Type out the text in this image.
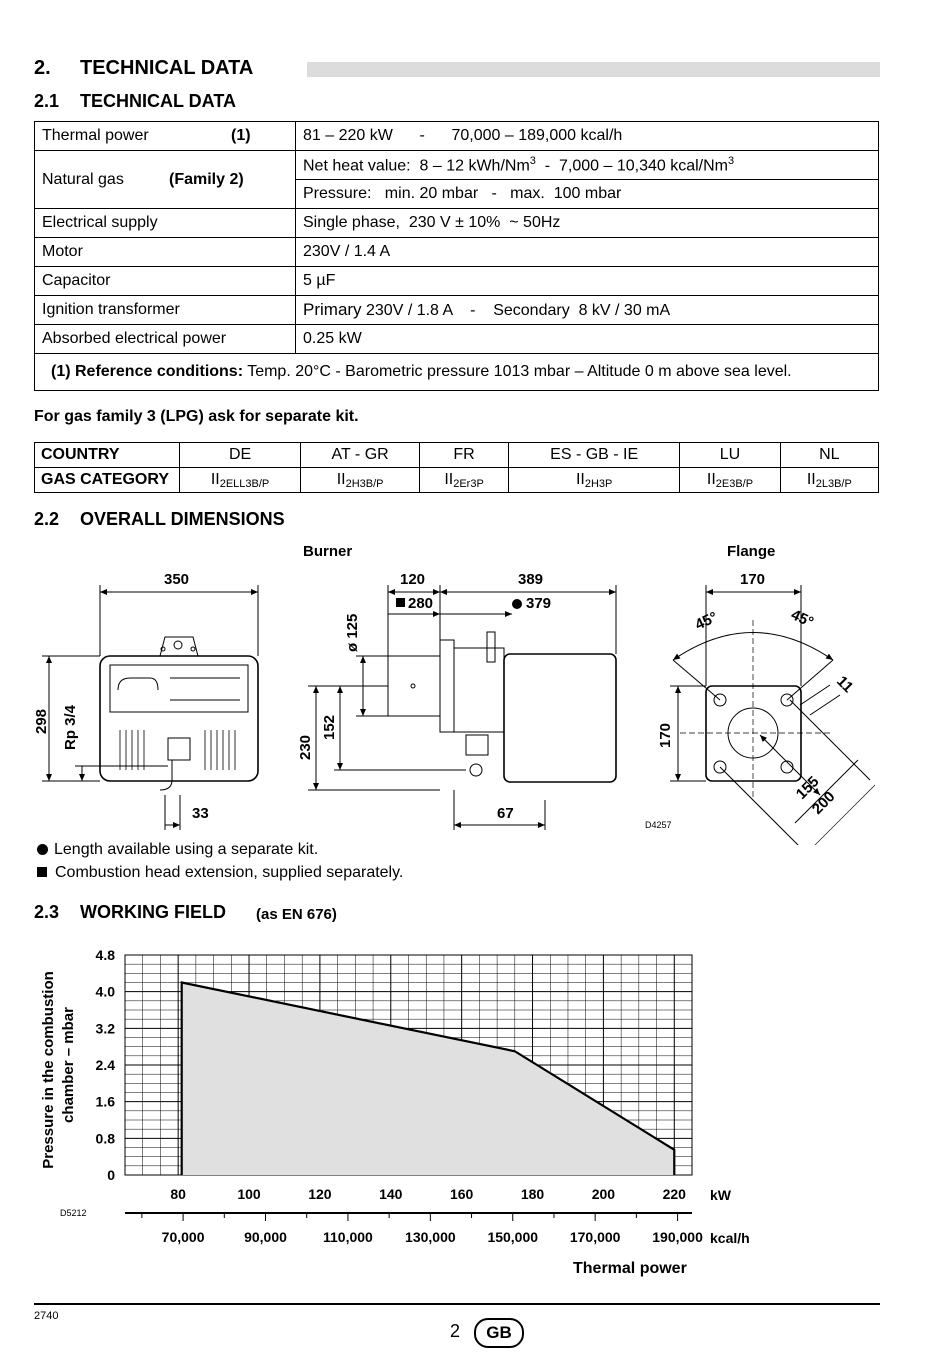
2. TECHNICAL DATA
2.1 TECHNICAL DATA
Thermal power (1)	81 – 220 kW      -      70,000 – 189,000 kcal/h
Natural gas (Family 2)	Net heat value:  8 – 12 kWh/Nm$^3$  -  7,000 – 10,340 kcal/Nm$^3$
	Pressure:   min. 20 mbar   -   max.  100 mbar
Electrical supply	Single phase,  230 V ± 10%  ~ 50Hz
Motor	230V / 1.4 A
Capacitor	5 µF
Ignition transformer	Primary 230V / 1.8 A    -    Secondary  8 kV / 30 mA
Absorbed electrical power	0.25 kW
(1) Reference conditions: Temp. 20°C - Barometric pressure 1013 mbar – Altitude 0 m above sea level.	
For gas family 3 (LPG) ask for separate kit.
COUNTRY	DE	AT - GR	FR	ES - GB - IE	LU	NL
GAS CATEGORY	$II_{2ELL3B/P}$	$II_{2H3B/P}$	$II_{2Er3P}$	$II_{2H3P}$	$II_{2E3B/P}$	$II_{2L3B/P}$
2.2 OVERALL DIMENSIONS
Burner	Flange
350	120	389
280	379
ø 125
298 Rp 3/4	230
152
33	67
170
45°	45°
11
170
155
200
D4257
Length available using a separate kit.
Combustion head extension, supplied separately.
2.3 WORKING FIELD (as EN 676)
4.8
4.0
3.2
2.4
1.6
0.8
0
80	100	120	140	160	180	200	220
70,000	90,000	110,000 130,000 150,000 170,000 190,000
kW
kcal/h
Thermal power
D5212
Pressure in the combustion chamber – mbar
2740
2	GB
